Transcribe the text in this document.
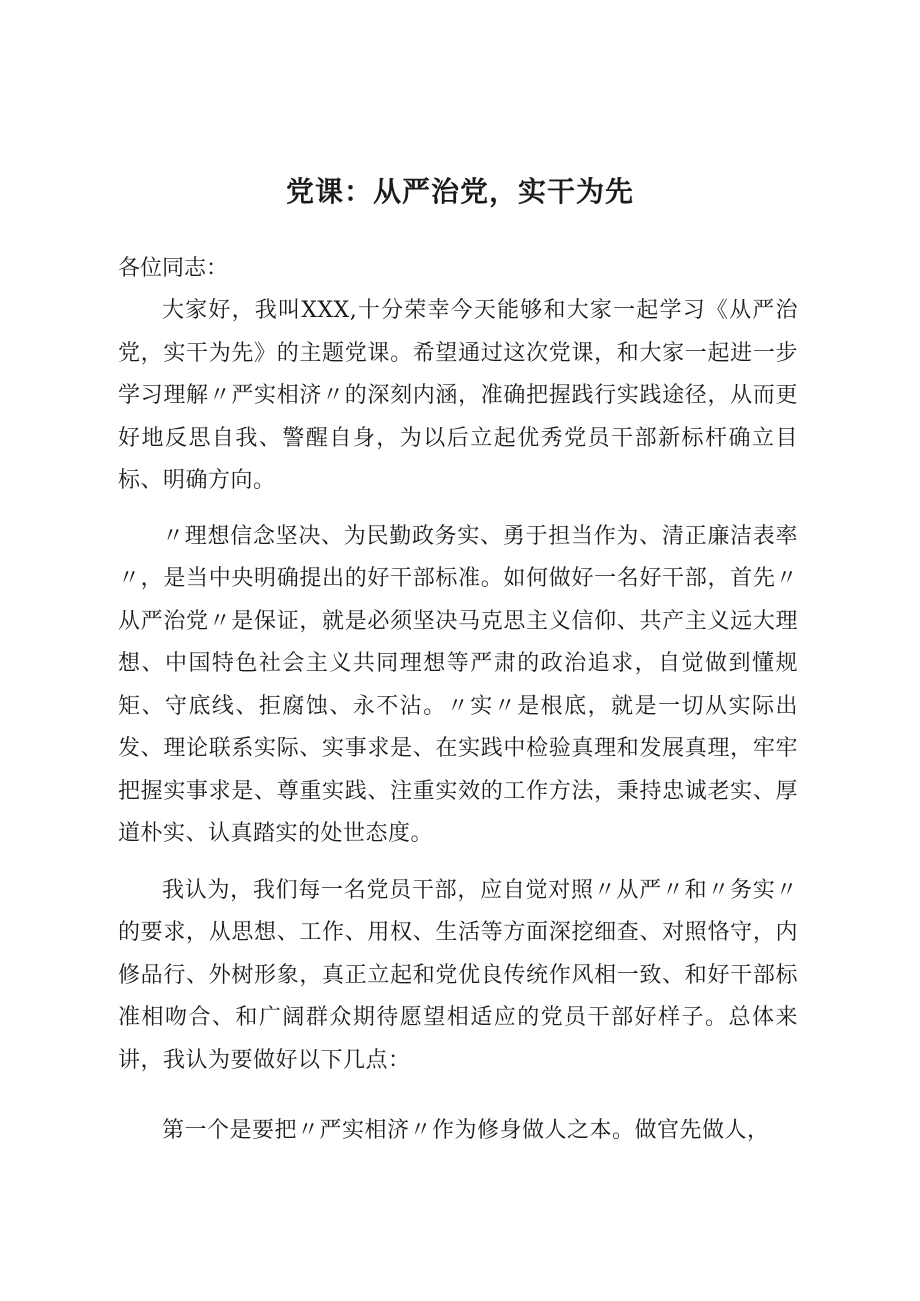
党课：从严治党，实干为先

各位同志：

大家好，我叫XXX,十分荣幸今天能够和大家一起学习《从严治党，实干为先》的主题党课。希望通过这次党课，和大家一起进一步学习理解〃严实相济〃的深刻内涵，准确把握践行实践途径，从而更好地反思自我、警醒自身，为以后立起优秀党员干部新标杆确立目标、明确方向。

〃理想信念坚决、为民勤政务实、勇于担当作为、清正廉洁表率〃，是当中央明确提出的好干部标准。如何做好一名好干部，首先〃从严治党〃是保证，就是必须坚决马克思主义信仰、共产主义远大理想、中国特色社会主义共同理想等严肃的政治追求，自觉做到懂规矩、守底线、拒腐蚀、永不沾。〃实〃是根底，就是一切从实际出发、理论联系实际、实事求是、在实践中检验真理和发展真理，牢牢把握实事求是、尊重实践、注重实效的工作方法，秉持忠诚老实、厚道朴实、认真踏实的处世态度。

我认为，我们每一名党员干部，应自觉对照〃从严〃和〃务实〃的要求，从思想、工作、用权、生活等方面深挖细查、对照恪守，内修品行、外树形象，真正立起和党优良传统作风相一致、和好干部标准相吻合、和广阔群众期待愿望相适应的党员干部好样子。总体来讲，我认为要做好以下几点：

第一个是要把〃严实相济〃作为修身做人之本。做官先做人，
